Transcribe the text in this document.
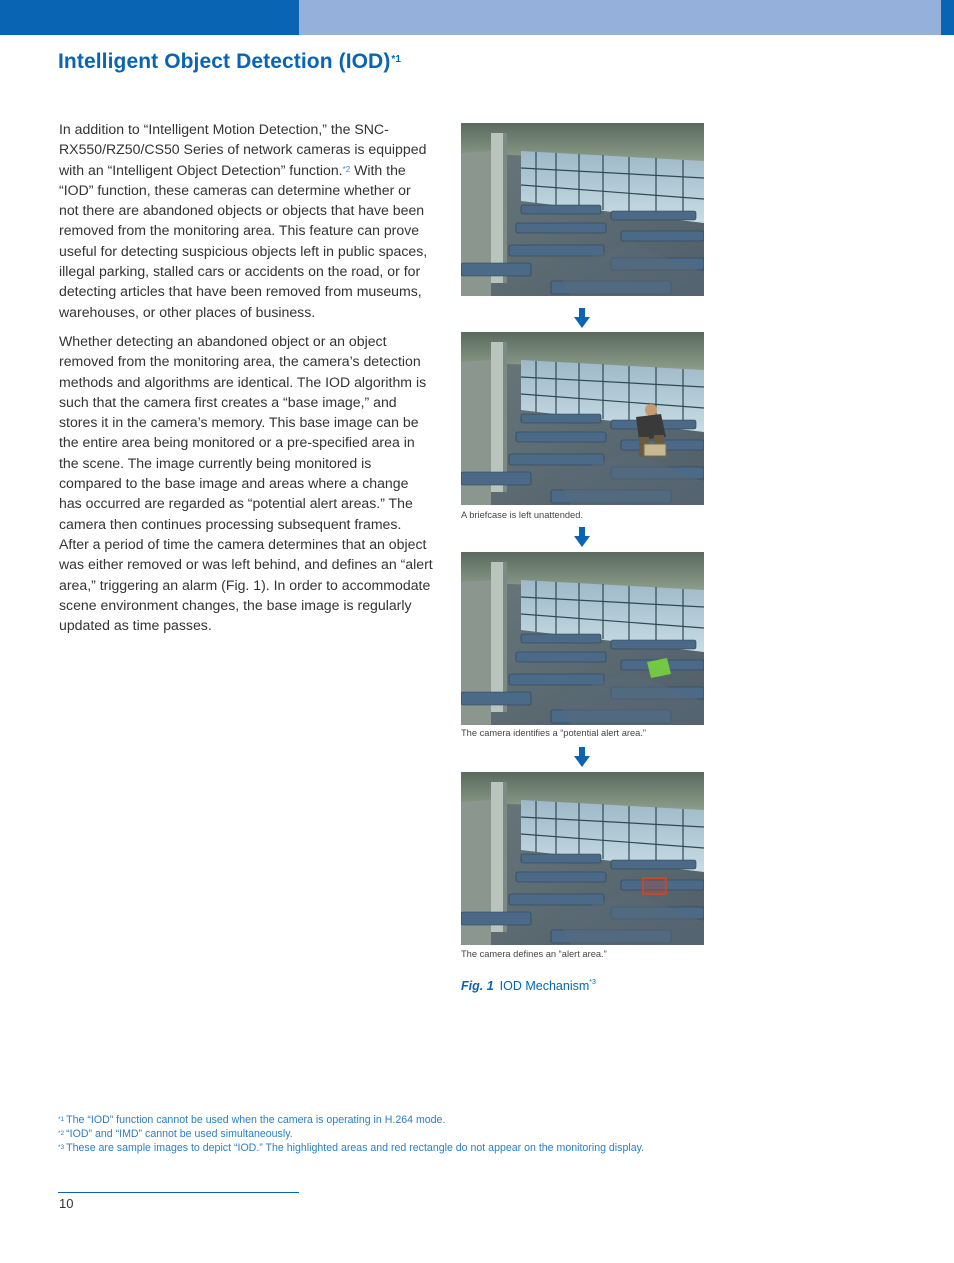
Intelligent Object Detection (IOD)$^{*1}$

In addition to “Intelligent Motion Detection,” the SNC-RX550/RZ50/CS50 Series of network cameras is equipped with an “Intelligent Object Detection” function.$^{*2}$ With the “IOD” function, these cameras can determine whether or not there are abandoned objects or objects that have been removed from the monitoring area. This feature can prove useful for detecting suspicious objects left in public spaces, illegal parking, stalled cars or accidents on the road, or for detecting articles that have been removed from museums, warehouses, or other places of business.

Whether detecting an abandoned object or an object removed from the monitoring area, the camera’s detection methods and algorithms are identical. The IOD algorithm is such that the camera first creates a “base image,” and stores it in the camera’s memory. This base image can be the entire area being monitored or a pre-specified area in the scene. The image currently being monitored is compared to the base image and areas where a change has occurred are regarded as “potential alert areas.” The camera then continues processing subsequent frames. After a period of time the camera determines that an object was either removed or was left behind, and defines an “alert area,” triggering an alarm (Fig. 1). In order to accommodate scene environment changes, the base image is regularly updated as time passes.

A briefcase is left unattended.
The camera identifies a “potential alert area.”
The camera defines an “alert area.”
Fig. 1 IOD Mechanism$^{*3}$
$^{*1}$ The “IOD” function cannot be used when the camera is operating in H.264 mode.
$^{*2}$ “IOD” and “IMD” cannot be used simultaneously.
$^{*3}$ These are sample images to depict “IOD.” The highlighted areas and red rectangle do not appear on the monitoring display.
10
